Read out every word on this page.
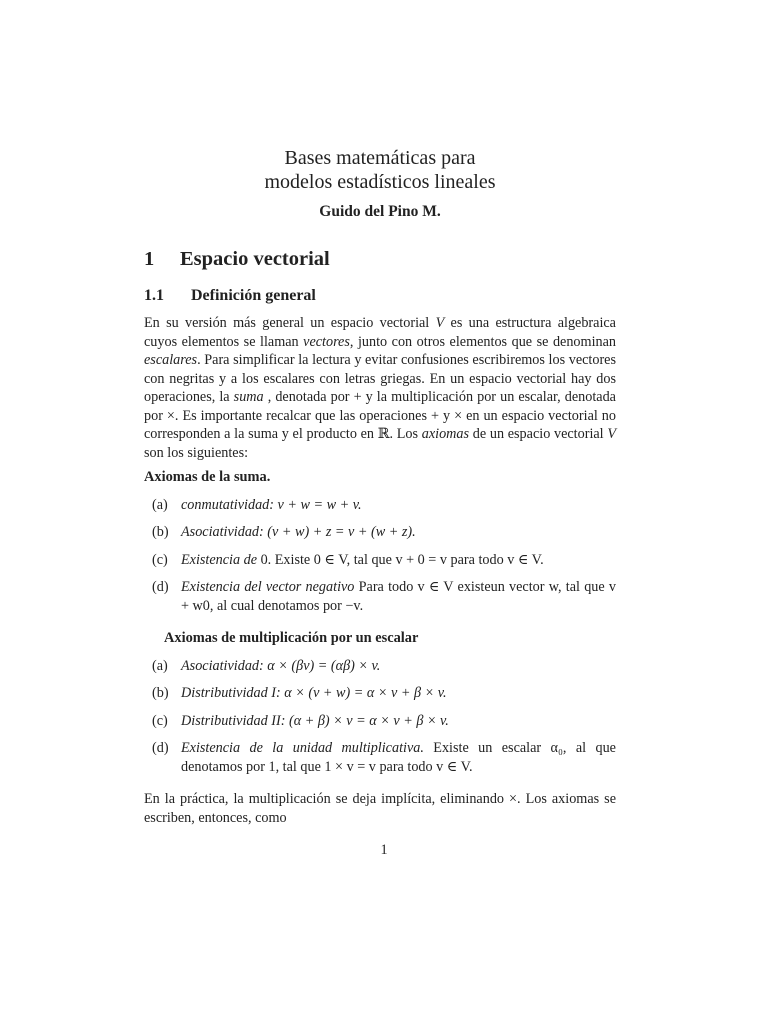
Bases matemáticas para
modelos estadísticos lineales

Guido del Pino M.

1 Espacio vectorial
1.1 Definición general

En su versión más general un espacio vectorial V es una estructura algebraica cuyos elementos se llaman vectores, junto con otros elementos que se denominan escalares. Para simplificar la lectura y evitar confusiones escribiremos los vectores con negritas y a los escalares con letras griegas. En un espacio vectorial hay dos operaciones, la suma , denotada por + y la multiplicación por un escalar, denotada por ×. Es importante recalcar que las operaciones + y × en un espacio vectorial no corresponden a la suma y el producto en ℝ. Los axiomas de un espacio vectorial V son los siguientes:

Axiomas de la suma.
(a) conmutatividad: v + w = w + v.
(b) Asociatividad: (v + w) + z = v + (w + z).
(c) Existencia de 0. Existe 0 ∈ V, tal que v + 0 = v para todo v ∈ V.
(d) Existencia del vector negativo Para todo v ∈ V existeun vector w, tal que v + w0, al cual denotamos por −v.
Axiomas de multiplicación por un escalar
(a) Asociatividad: α × (βv) = (αβ) × v.
(b) Distributividad I: α × (v + w) = α × v + β × v.
(c) Distributividad II: (α + β) × v = α × v + β × v.
(d) Existencia de la unidad multiplicativa. Existe un escalar α₀, al que denotamos por 1, tal que 1 × v = v para todo v ∈ V.

En la práctica, la multiplicación se deja implícita, eliminando ×. Los axiomas se escriben, entonces, como

1
